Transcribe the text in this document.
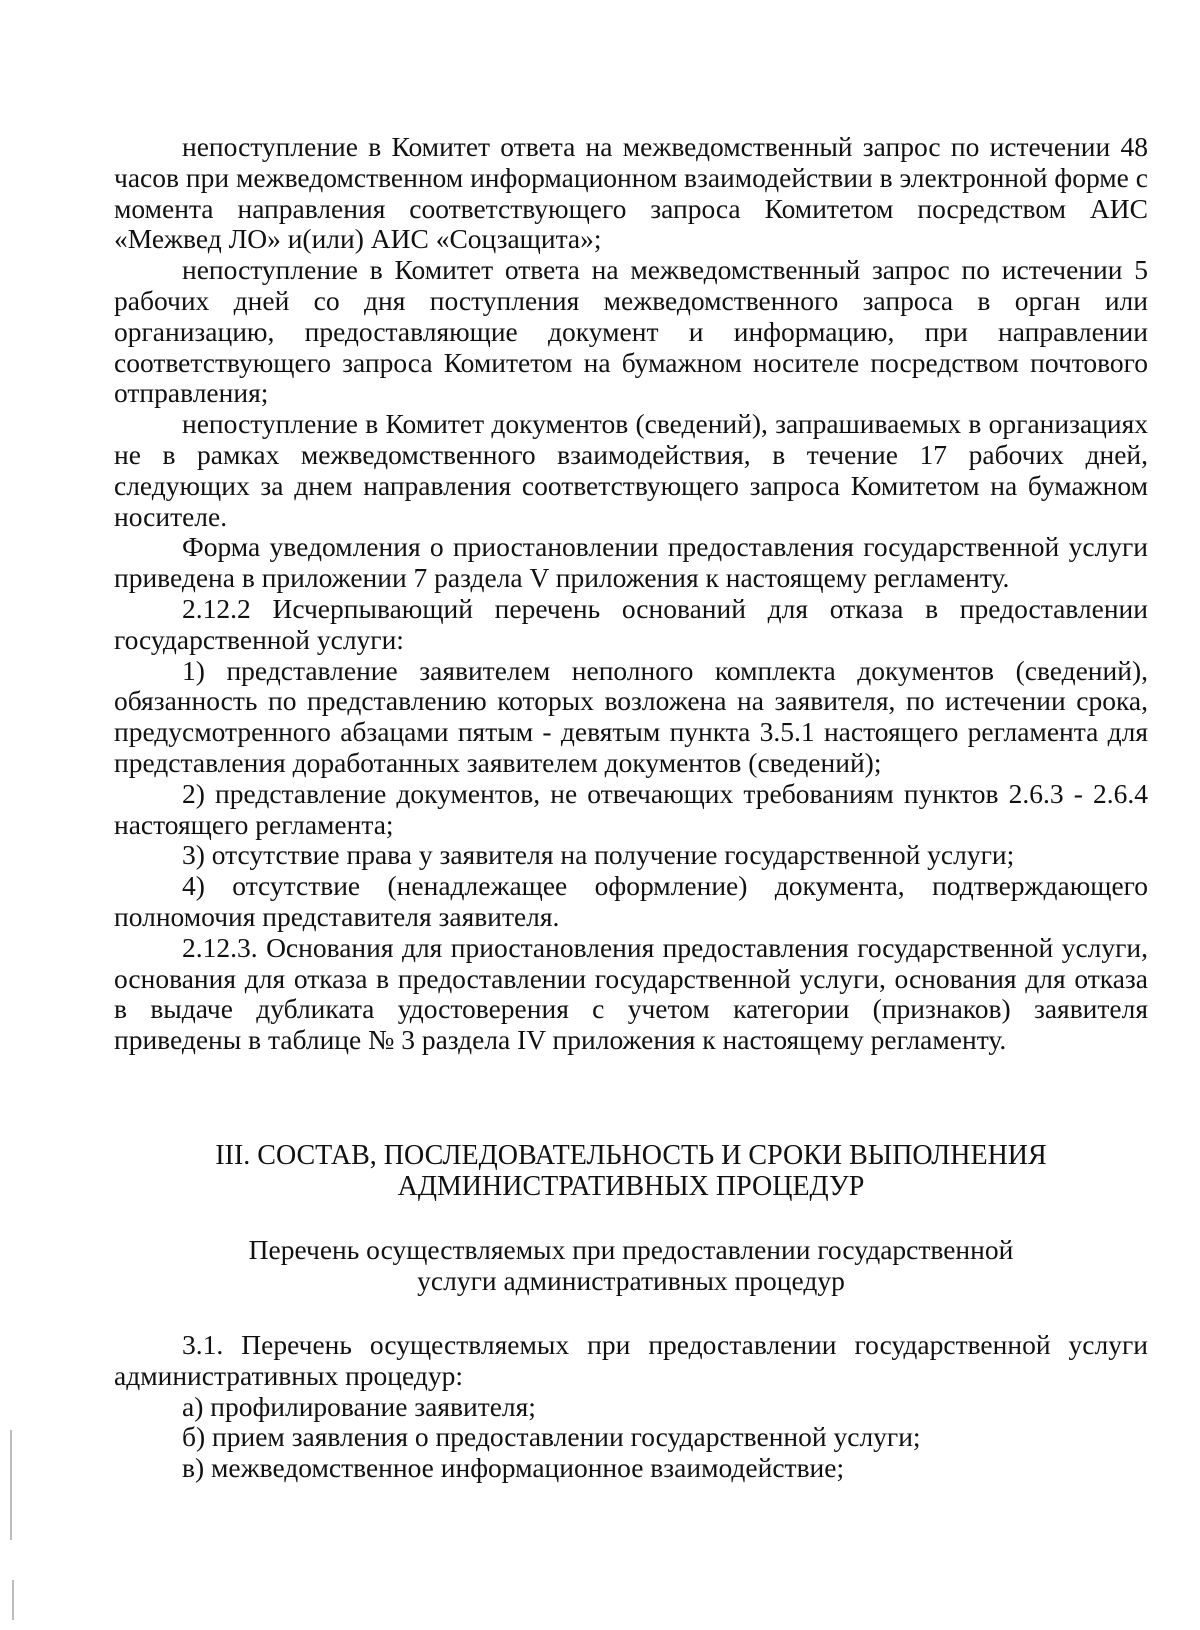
непоступление в Комитет ответа на межведомственный запрос по истечении 48 часов при межведомственном информационном взаимодействии в электронной форме с момента направления соответствующего запроса Комитетом посредством АИС «Межвед ЛО» и(или) АИС «Соцзащита»;

непоступление в Комитет ответа на межведомственный запрос по истечении 5 рабочих дней со дня поступления межведомственного запроса в орган или организацию, предоставляющие документ и информацию, при направлении соответствующего запроса Комитетом на бумажном носителе посредством почтового отправления;

непоступление в Комитет документов (сведений), запрашиваемых в организациях не в рамках межведомственного взаимодействия, в течение 17 рабочих дней, следующих за днем направления соответствующего запроса Комитетом на бумажном носителе.

Форма уведомления о приостановлении предоставления государственной услуги приведена в приложении 7 раздела V приложения к настоящему регламенту.

2.12.2 Исчерпывающий перечень оснований для отказа в предоставлении государственной услуги:

1) представление заявителем неполного комплекта документов (сведений), обязанность по представлению которых возложена на заявителя, по истечении срока, предусмотренного абзацами пятым - девятым пункта 3.5.1 настоящего регламента для представления доработанных заявителем документов (сведений);

2) представление документов, не отвечающих требованиям пунктов 2.6.3 - 2.6.4 настоящего регламента;

3) отсутствие права у заявителя на получение государственной услуги;

4) отсутствие (ненадлежащее оформление) документа, подтверждающего полномочия представителя заявителя.

2.12.3. Основания для приостановления предоставления государственной услуги, основания для отказа в предоставлении государственной услуги, основания для отказа в выдаче дубликата удостоверения с учетом категории (признаков) заявителя приведены в таблице № 3 раздела IV приложения к настоящему регламенту.

III. СОСТАВ, ПОСЛЕДОВАТЕЛЬНОСТЬ И СРОКИ ВЫПОЛНЕНИЯ
АДМИНИСТРАТИВНЫХ ПРОЦЕДУР
Перечень осуществляемых при предоставлении государственной
услуги административных процедур

3.1. Перечень осуществляемых при предоставлении государственной услуги административных процедур:

а) профилирование заявителя;

б) прием заявления о предоставлении государственной услуги;

в) межведомственное информационное взаимодействие;
